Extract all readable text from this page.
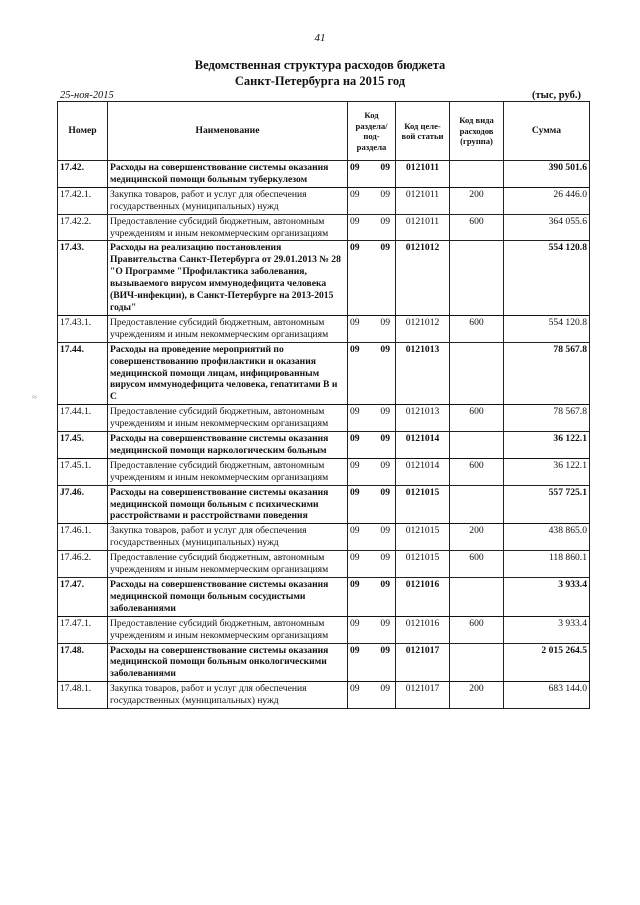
41
Ведомственная структура расходов бюджета
Санкт-Петербурга на 2015 год
25-ноя-2015	(тыс, руб.)
≈
Номер	Наименование	Код раздела/ под-раздела	Код целе-вой статьи	Код вида расходов (группа)	Сумма
17.42.	Расходы на совершенствование системы оказания медицинской помощи больным туберкулезом	09 09	0121011		390 501.6
17.42.1.	Закупка товаров, работ и услуг для обеспечения государственных (муниципальных) нужд	09 09	0121011	200	26 446.0
17.42.2.	Предоставление субсидий бюджетным, автономным учреждениям и иным некоммерческим организациям	09 09	0121011	600	364 055.6
17.43.	Расходы на реализацию постановления Правительства Санкт-Петербурга от 29.01.2013 № 28 "О Программе "Профилактика заболевания, вызываемого вирусом иммунодефицита человека (ВИЧ-инфекции), в Санкт-Петербурге на 2013-2015 годы"	09 09	0121012		554 120.8
17.43.1.	Предоставление субсидий бюджетным, автономным учреждениям и иным некоммерческим организациям	09 09	0121012	600	554 120.8
17.44.	Расходы на проведение мероприятий по совершенствованию профилактики и оказания медицинской помощи лицам, инфицированным вирусом иммунодефицита человека, гепатитами В и С	09 09	0121013		78 567.8
17.44.1.	Предоставление субсидий бюджетным, автономным учреждениям и иным некоммерческим организациям	09 09	0121013	600	78 567.8
17.45.	Расходы на совершенствование системы оказания медицинской помощи наркологическим больным	09 09	0121014		36 122.1
17.45.1.	Предоставление субсидий бюджетным, автономным учреждениям и иным некоммерческим организациям	09 09	0121014	600	36 122.1
Ј7.46.	Расходы на совершенствование системы оказания медицинской помощи больным с психическими расстройствами и расстройствами поведения	09 09	0121015		557 725.1
17.46.1.	Закупка товаров, работ и услуг для обеспечения государственных (муниципальных) нужд	09 09	0121015	200	438 865.0
17.46.2.	Предоставление субсидий бюджетным, автономным учреждениям и иным некоммерческим организациям	09 09	0121015	600	118 860.1
17.47.	Расходы на совершенствование системы оказания медицинской помощи больным сосудистыми заболеваниями	09 09	0121016		3 933.4
17.47.1.	Предоставление субсидий бюджетным, автономным учреждениям и иным некоммерческим организациям	09 09	0121016	600	3 933.4
17.48.	Расходы на совершенствование системы оказания медицинской помощи больным онкологическими заболеваниями	09 09	0121017		2 015 264.5
17.48.1.	Закупка товаров, работ и услуг для обеспечения государственных (муниципальных) нужд	09 09	0121017	200	683 144.0
